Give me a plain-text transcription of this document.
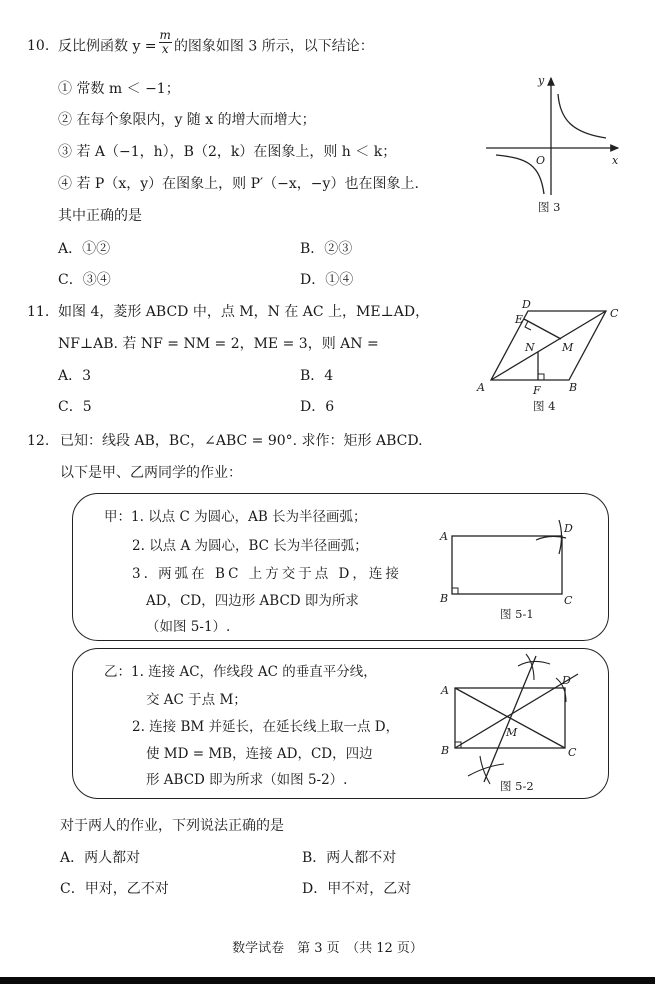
10. 反比例函数 $y = \frac{m}{x}$ 的图象如图 3 所示，以下结论：
① 常数 m ＜ −1；
② 在每个象限内，y 随 x 的增大而增大；
③ 若 A（−1，h），B（2，k）在图象上，则 h ＜ k；
④ 若 P（x，y）在图象上，则 P′（−x，−y）也在图象上.
其中正确的是
A．①②	B．②③
C．③④	D．①④
y
x
O
图 3
11. 如图 4，菱形 ABCD 中，点 M，N 在 AC 上，ME⊥AD，
NF⊥AB. 若 NF = NM = 2，ME = 3，则 AN =
A．3	B．4
C．5	D．6
A	B
C
D
E
F
M
N
图 4
12. 已知：线段 AB，BC，∠ABC = 90°. 求作：矩形 ABCD.
以下是甲、乙两同学的作业：
甲：1. 以点 C 为圆心，AB 长为半径画弧；
2. 以点 A 为圆心，BC 长为半径画弧；
3. 两弧在 BC 上方交于点 D，连接
AD，CD，四边形 ABCD 即为所求
（如图 5-1）.
A
B	C
D
图 5-1
乙：1. 连接 AC，作线段 AC 的垂直平分线，
交 AC 于点 M；
2. 连接 BM 并延长，在延长线上取一点 D，
使 MD = MB，连接 AD，CD，四边
形 ABCD 即为所求（如图 5-2）.
A
B	C
D
M
图 5-2
对于两人的作业，下列说法正确的是
A．两人都对	B．两人都不对
C．甲对，乙不对	D．甲不对，乙对
数学试卷　第 3 页　（共 12 页）
